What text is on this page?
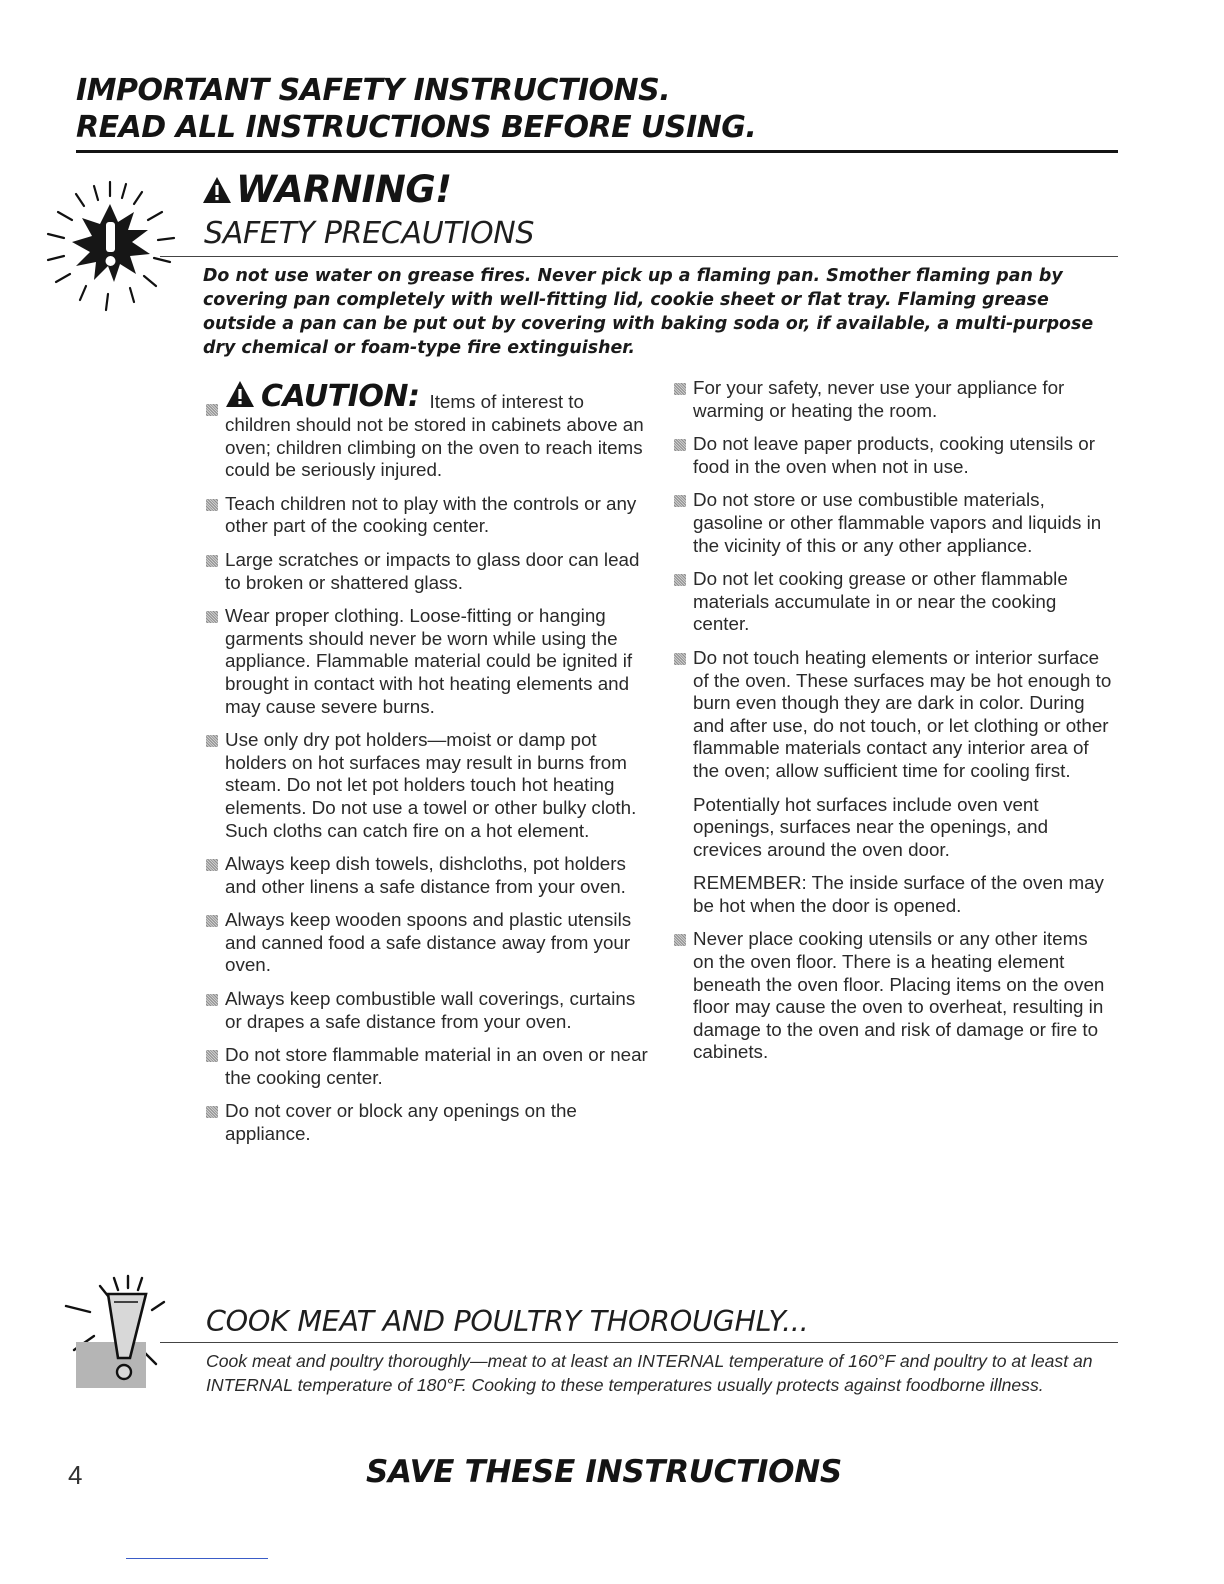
IMPORTANT SAFETY INSTRUCTIONS.
READ ALL INSTRUCTIONS BEFORE USING.
WARNING!
SAFETY PRECAUTIONS
Do not use water on grease fires. Never pick up a flaming pan. Smother flaming pan by covering pan completely with well-fitting lid, cookie sheet or flat tray. Flaming grease outside a pan can be put out by covering with baking soda or, if available, a multi-purpose dry chemical or foam-type fire extinguisher.
CAUTION: Items of interest to
children should not be stored in cabinets above an oven; children climbing on the oven to reach items could be seriously injured.
Teach children not to play with the controls or any other part of the cooking center.
Large scratches or impacts to glass door can lead to broken or shattered glass.
Wear proper clothing. Loose-fitting or hanging garments should never be worn while using the appliance. Flammable material could be ignited if brought in contact with hot heating elements and may cause severe burns.
Use only dry pot holders—moist or damp pot holders on hot surfaces may result in burns from steam. Do not let pot holders touch hot heating elements. Do not use a towel or other bulky cloth. Such cloths can catch fire on a hot element.
Always keep dish towels, dishcloths, pot holders and other linens a safe distance from your oven.
Always keep wooden spoons and plastic utensils and canned food a safe distance away from your oven.
Always keep combustible wall coverings, curtains or drapes a safe distance from your oven.
Do not store flammable material in an oven or near the cooking center.
Do not cover or block any openings on the appliance.
For your safety, never use your appliance for warming or heating the room.
Do not leave paper products, cooking utensils or food in the oven when not in use.
Do not store or use combustible materials, gasoline or other flammable vapors and liquids in the vicinity of this or any other appliance.
Do not let cooking grease or other flammable materials accumulate in or near the cooking center.
Do not touch heating elements or interior surface of the oven. These surfaces may be hot enough to burn even though they are dark in color. During and after use, do not touch, or let clothing or other flammable materials contact any interior area of the oven; allow sufficient time for cooling first.
Potentially hot surfaces include oven vent openings, surfaces near the openings, and crevices around the oven door.
REMEMBER: The inside surface of the oven may be hot when the door is opened.
Never place cooking utensils or any other items on the oven floor. There is a heating element beneath the oven floor. Placing items on the oven floor may cause the oven to overheat, resulting in damage to the oven and risk of damage or fire to cabinets.
COOK MEAT AND POULTRY THOROUGHLY...
Cook meat and poultry thoroughly—meat to at least an INTERNAL temperature of 160°F and poultry to at least an INTERNAL temperature of 180°F. Cooking to these temperatures usually protects against foodborne illness.
4	SAVE THESE INSTRUCTIONS
